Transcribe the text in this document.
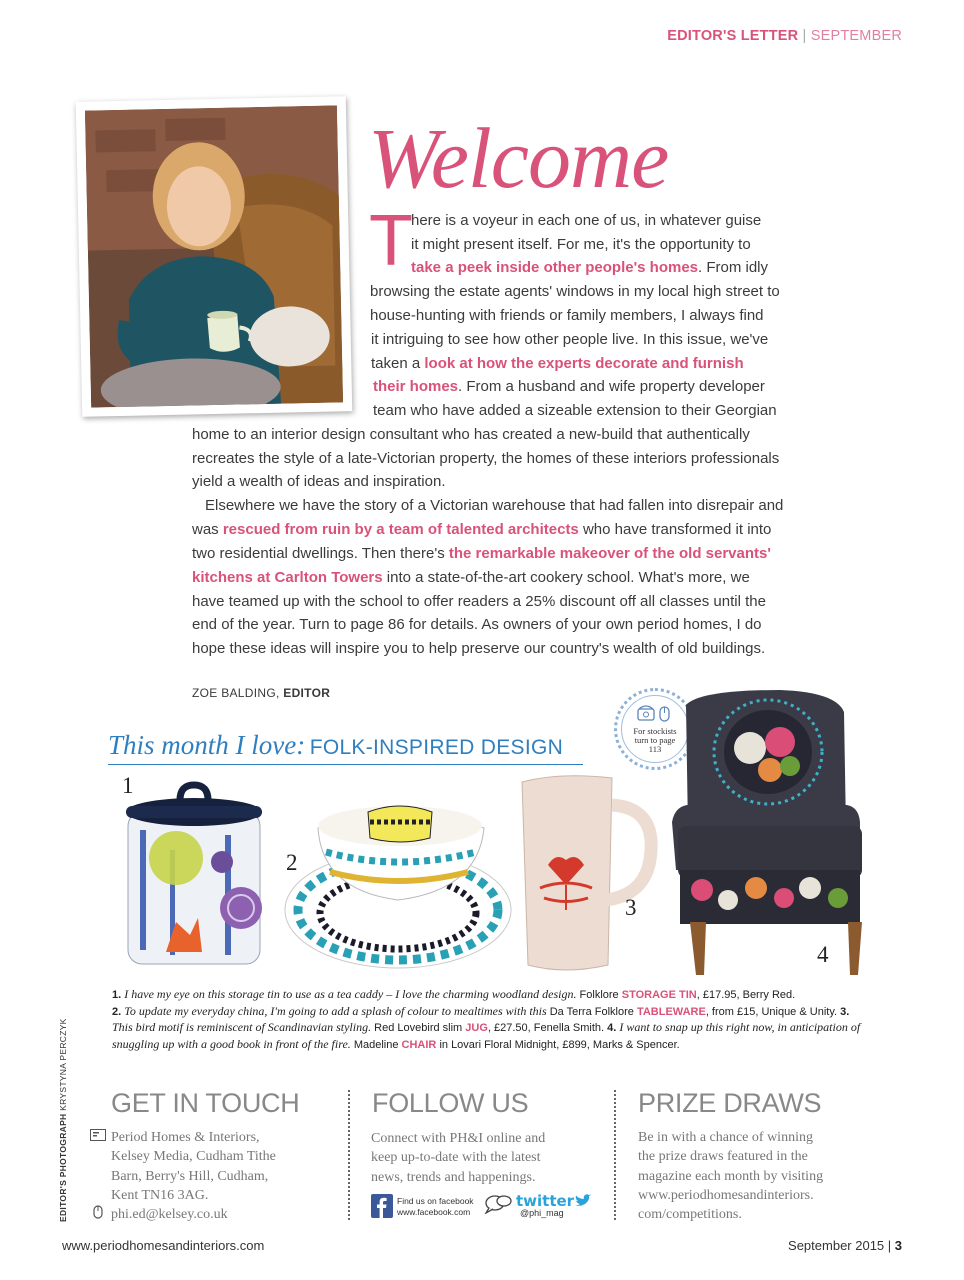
EDITOR'S LETTER | SEPTEMBER
Welcome
T
here is a voyeur in each one of us, in whatever guise
it might present itself. For me, it's the opportunity to
take a peek inside other people's homes. From idly
browsing the estate agents' windows in my local high street to
house-hunting with friends or family members, I always find
it intriguing to see how other people live. In this issue, we've
taken a look at how the experts decorate and furnish
their homes. From a husband and wife property developer
team who have added a sizeable extension to their Georgian
home to an interior design consultant who has created a new-build that authentically
recreates the style of a late-Victorian property, the homes of these interiors professionals
yield a wealth of ideas and inspiration.
Elsewhere we have the story of a Victorian warehouse that had fallen into disrepair and
was rescued from ruin by a team of talented architects who have transformed it into
two residential dwellings. Then there's the remarkable makeover of the old servants'
kitchens at Carlton Towers into a state-of-the-art cookery school. What's more, we
have teamed up with the school to offer readers a 25% discount off all classes until the
end of the year. Turn to page 86 for details. As owners of your own period homes, I do
hope these ideas will inspire you to help preserve our country's wealth of old buildings.
ZOE BALDING, EDITOR
For stockists
turn to page
113
This month I love: FOLK-INSPIRED DESIGN
1
2
3
4
1. I have my eye on this storage tin to use as a tea caddy – I love the charming woodland design. Folklore STORAGE TIN, £17.95, Berry Red.
2. To update my everyday china, I'm going to add a splash of colour to mealtimes with this Da Terra Folklore TABLEWARE, from £15, Unique & Unity. 3. This bird motif is reminiscent of Scandinavian styling. Red Lovebird slim JUG, £27.50, Fenella Smith. 4. I want to snap up this right now, in anticipation of snuggling up with a good book in front of the fire. Madeline CHAIR in Lovari Floral Midnight, £899, Marks & Spencer.
EDITOR'S PHOTOGRAPH KRYSTYNA PERCZYK GET IN TOUCH
Period Homes & Interiors,
Kelsey Media, Cudham Tithe
Barn, Berry's Hill, Cudham,
Kent TN16 3AG.
phi.ed@kelsey.co.uk
FOLLOW US
Connect with PH&I online and
keep up-to-date with the latest
news, trends and happenings.
Find us on facebook
www.facebook.com
twitter
@phi_mag
PRIZE DRAWS
Be in with a chance of winning
the prize draws featured in the
magazine each month by visiting
www.periodhomesandinteriors.
com/competitions.
www.periodhomesandinteriors.com	September 2015 | 3
